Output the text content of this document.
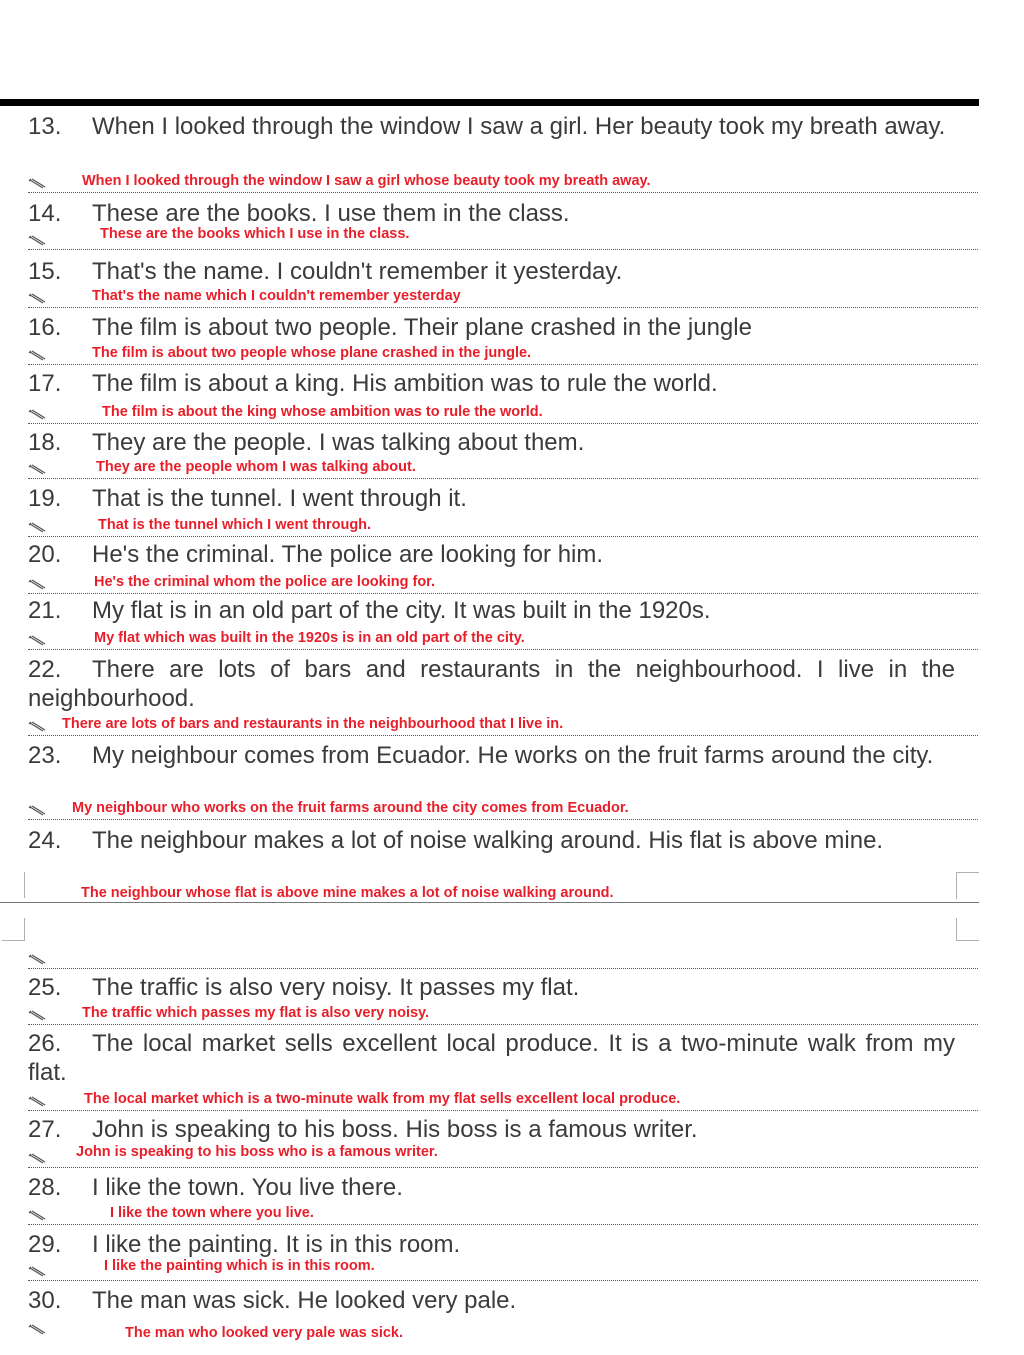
13. When I looked through the window I saw a girl. Her beauty took my breath away.
When I looked through the window I saw a girl whose beauty took my breath away.
14. These are the books. I use them in the class.
These are the books which I use in the class.
15. That's the name. I couldn't remember it yesterday.
That's the name which I couldn't remember yesterday
16. The film is about two people. Their plane crashed in the jungle
The film is about two people whose plane crashed in the jungle.
17. The film is about a king. His ambition was to rule the world.
The film is about the king whose ambition was to rule the world.
18. They are the people. I was talking about them.
They are the people whom I was talking about.
19. That is the tunnel. I went through it.
That is the tunnel which I went through.
20. He's the criminal. The police are looking for him.
He's the criminal whom the police are looking for.
21. My flat is in an old part of the city. It was built in the 1920s.
My flat which was built in the 1920s is in an old part of the city.
22. There are lots of bars and restaurants in the neighbourhood. I live in the neighbourhood.
There are lots of bars and restaurants in the neighbourhood that I live in.
23. My neighbour comes from Ecuador. He works on the fruit farms around the city.
My neighbour who works on the fruit farms around the city comes from Ecuador.
24. The neighbour makes a lot of noise walking around. His flat is above mine.
The neighbour whose flat is above mine makes a lot of noise walking around.
25. The traffic is also very noisy. It passes my flat.
The traffic which passes my flat is also very noisy.
26. The local market sells excellent local produce. It is a two-minute walk from my flat.
The local market which is a two-minute walk from my flat sells excellent local produce.
27. John is speaking to his boss. His boss is a famous writer.
John is speaking to his boss who is a famous writer.
28. I like the town. You live there.
I like the town where you live.
29. I like the painting. It is in this room.
I like the painting which is in this room.
30. The man was sick. He looked very pale.
The man who looked very pale was sick.
